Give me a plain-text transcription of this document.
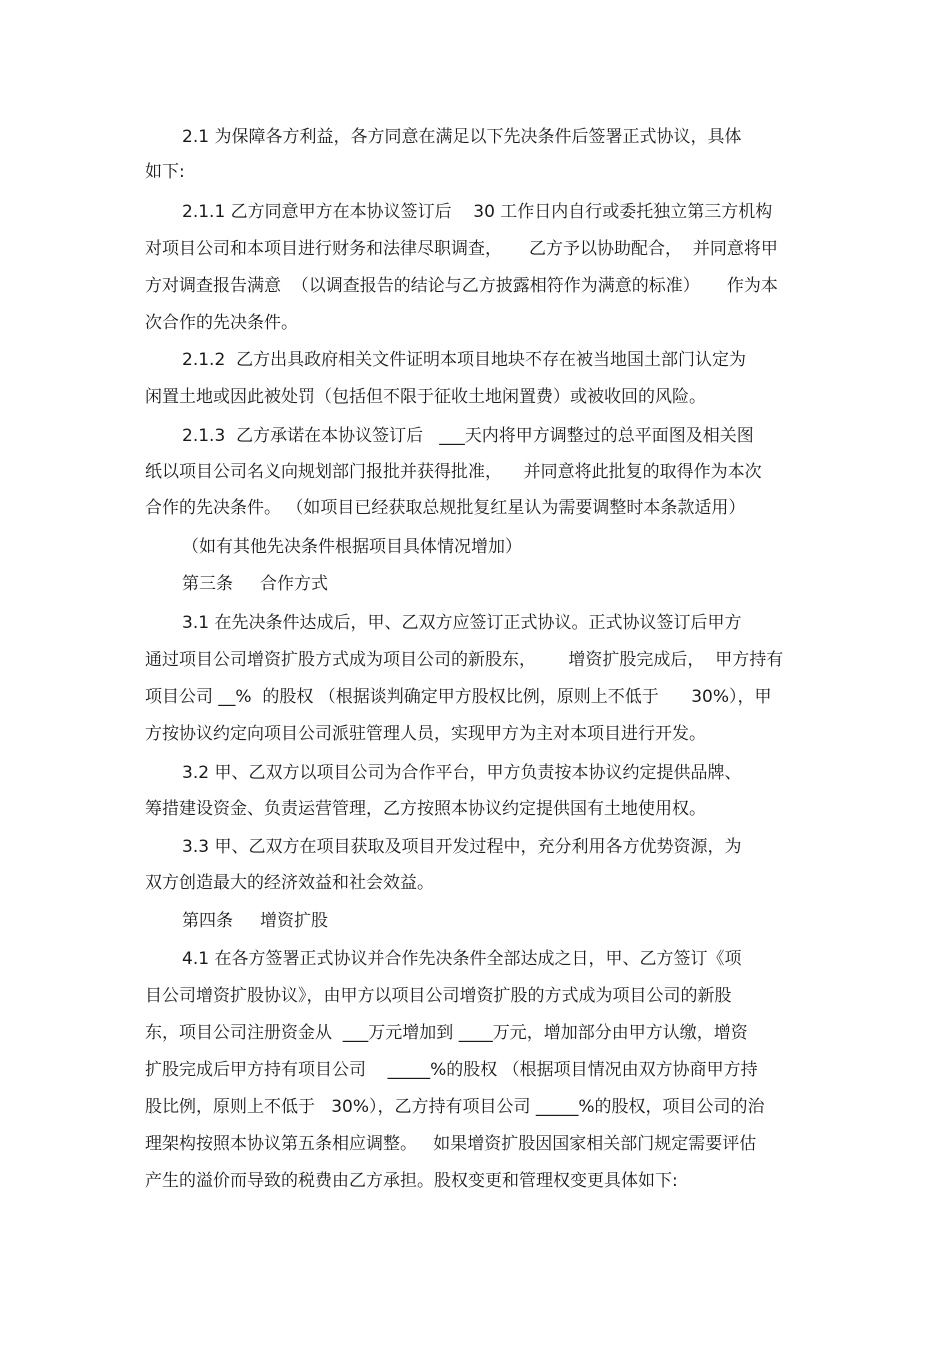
2.1 为保障各方利益，各方同意在满足以下先决条件后签署正式协议，具体
如下:
2.1.1 乙方同意甲方在本协议签订后    30 工作日内自行或委托独立第三方机构
对项目公司和本项目进行财务和法律尽职调查，     乙方予以协助配合，  并同意将甲
方对调查报告满意  （以调查报告的结论与乙方披露相符作为满意的标准）     作为本
次合作的先决条件。
2.1.2  乙方出具政府相关文件证明本项目地块不存在被当地国土部门认定为
闲置土地或因此被处罚（包括但不限于征收土地闲置费）或被收回的风险。
2.1.3  乙方承诺在本协议签订后   ___天内将甲方调整过的总平面图及相关图
纸以项目公司名义向规划部门报批并获得批准，    并同意将此批复的取得作为本次
合作的先决条件。 （如项目已经获取总规批复红星认为需要调整时本条款适用）
（如有其他先决条件根据项目具体情况增加）
第三条     合作方式
3.1 在先决条件达成后，甲、乙双方应签订正式协议。正式协议签订后甲方
通过项目公司增资扩股方式成为项目公司的新股东，      增资扩股完成后，  甲方持有
项目公司 __%  的股权 （根据谈判确定甲方股权比例，原则上不低于      30%），甲
方按协议约定向项目公司派驻管理人员，实现甲方为主对本项目进行开发。
3.2 甲、乙双方以项目公司为合作平台，甲方负责按本协议约定提供品牌、
筹措建设资金、负责运营管理，乙方按照本协议约定提供国有土地使用权。
3.3 甲、乙双方在项目获取及项目开发过程中，充分利用各方优势资源，为
双方创造最大的经济效益和社会效益。
第四条     增资扩股
4.1 在各方签署正式协议并合作先决条件全部达成之日，甲、乙方签订《项
目公司增资扩股协议》，由甲方以项目公司增资扩股的方式成为项目公司的新股
东，项目公司注册资金从  ___万元增加到 ____万元，增加部分由甲方认缴，增资
扩股完成后甲方持有项目公司    _____%的股权 （根据项目情况由双方协商甲方持
股比例，原则上不低于   30%），乙方持有项目公司 _____%的股权，项目公司的治
理架构按照本协议第五条相应调整。   如果增资扩股因国家相关部门规定需要评估
产生的溢价而导致的税费由乙方承担。股权变更和管理权变更具体如下:
